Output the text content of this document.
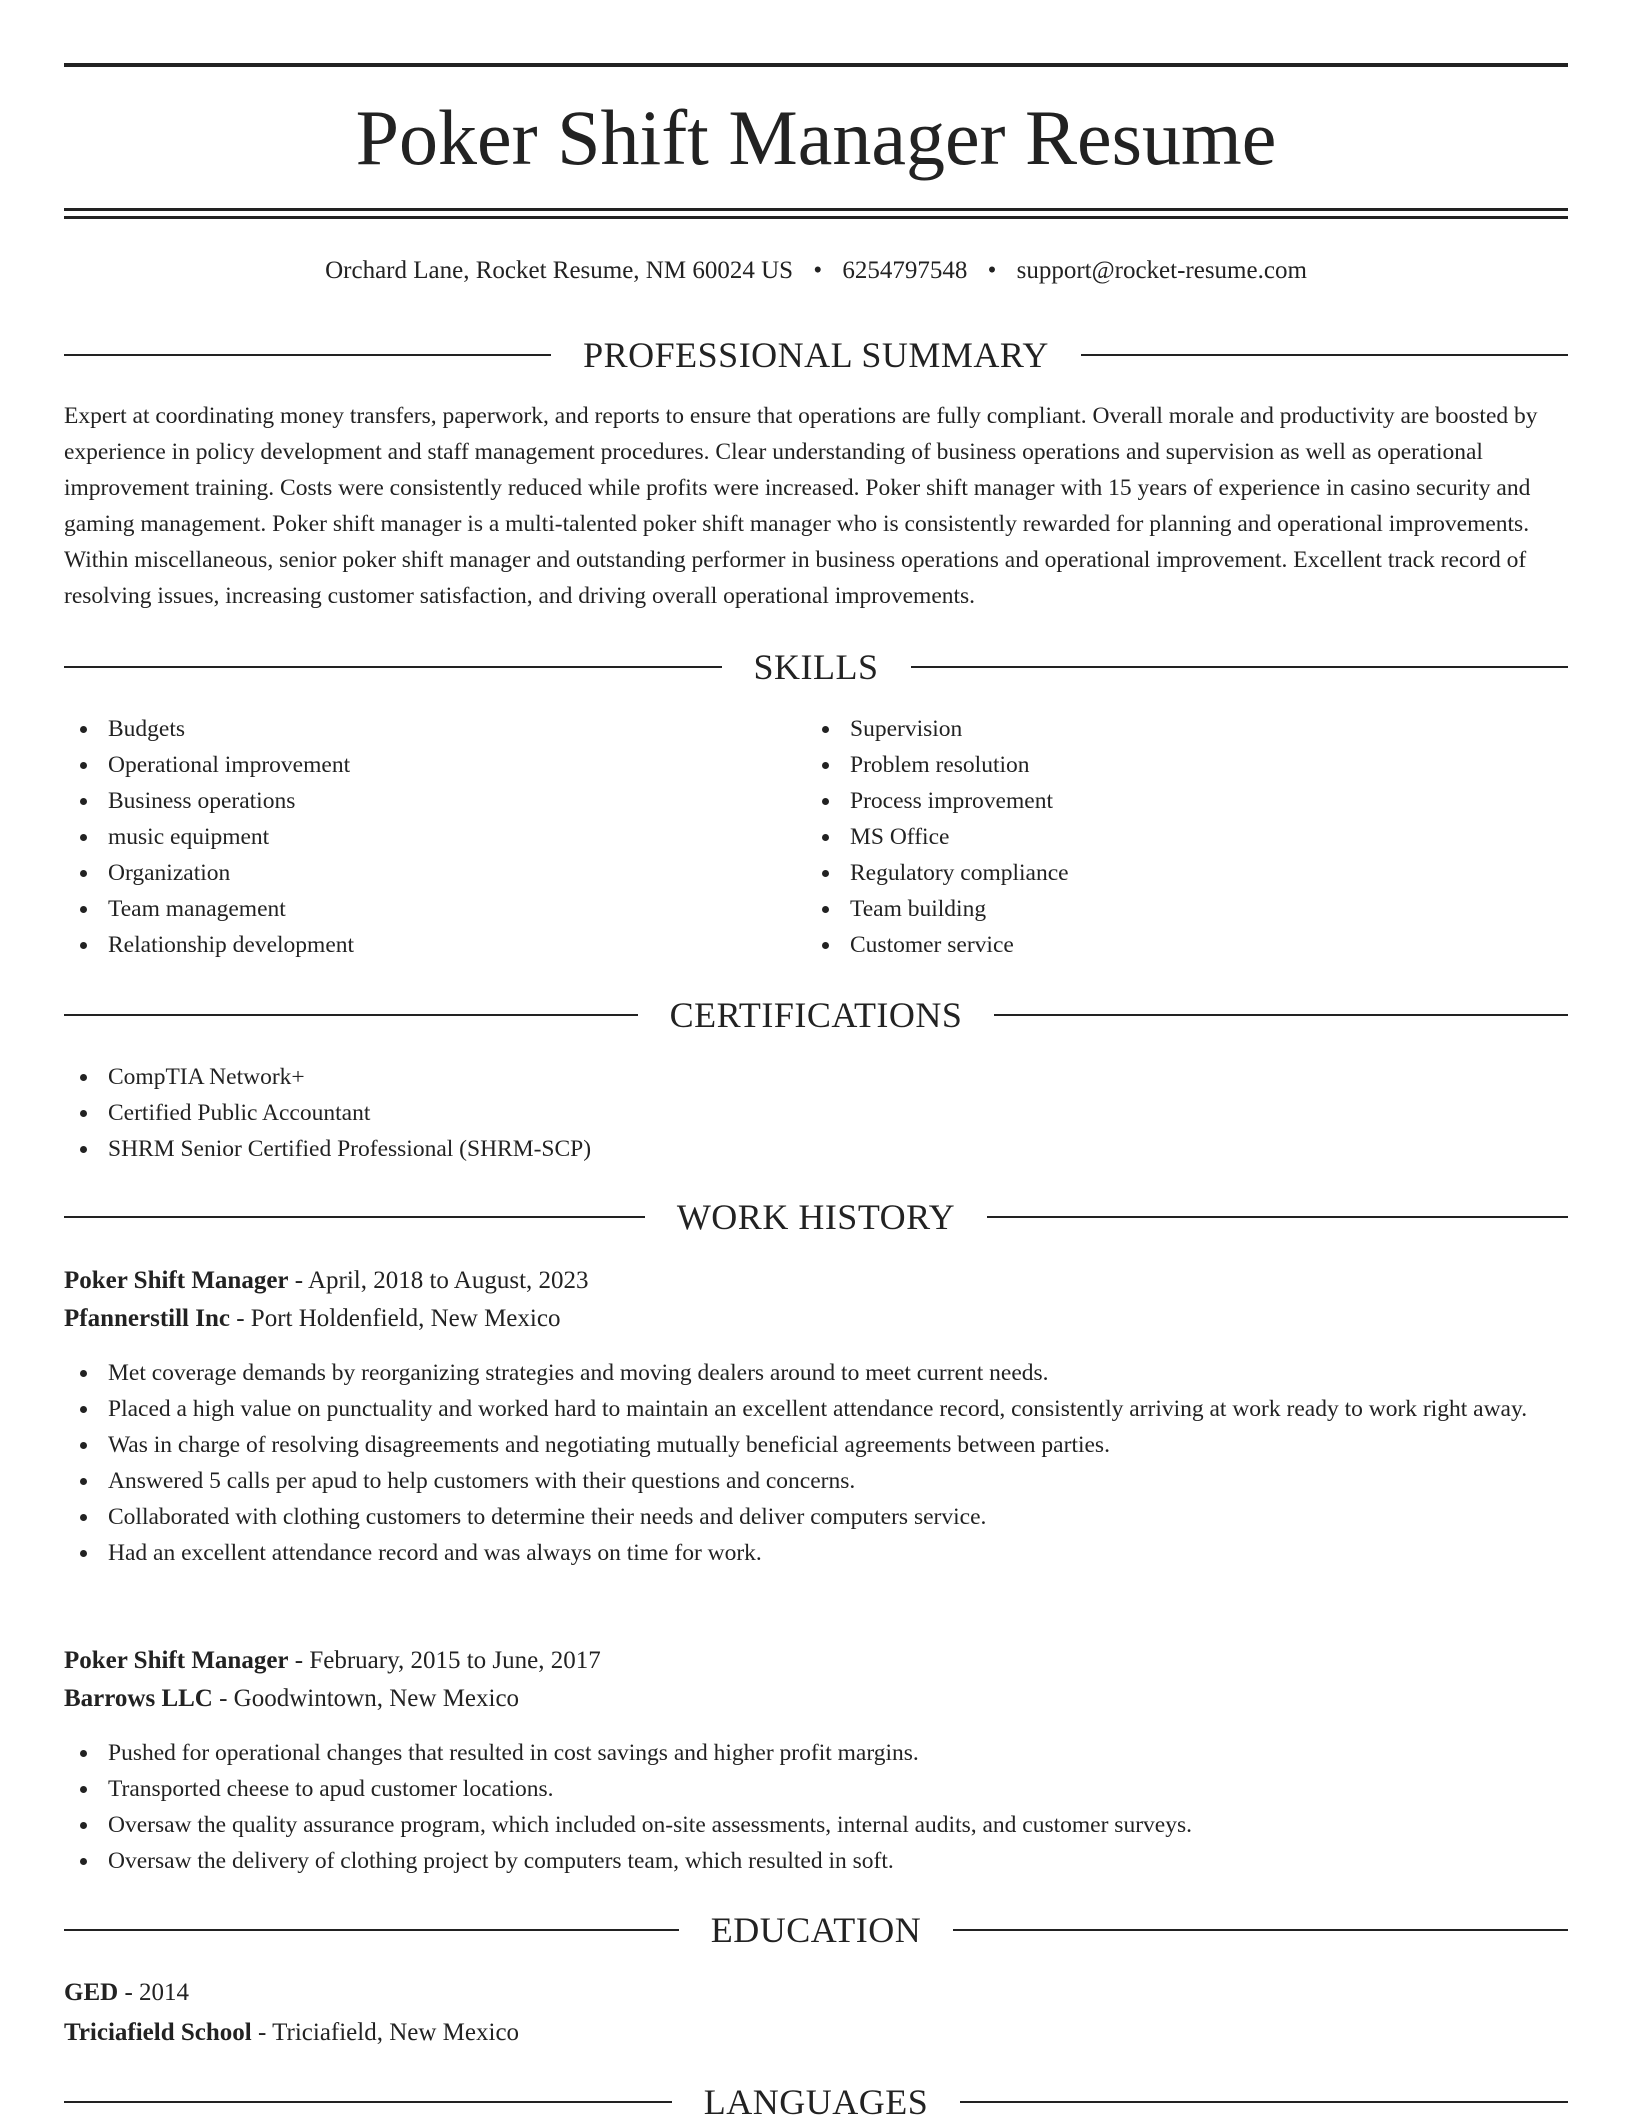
Poker Shift Manager Resume
Orchard Lane, Rocket Resume, NM 60024 US • 6254797548 • support@rocket-resume.com
PROFESSIONAL SUMMARY

Expert at coordinating money transfers, paperwork, and reports to ensure that operations are fully compliant. Overall morale and productivity are boosted by experience in policy development and staff management procedures. Clear understanding of business operations and supervision as well as operational improvement training. Costs were consistently reduced while profits were increased. Poker shift manager with 15 years of experience in casino security and gaming management. Poker shift manager is a multi-talented poker shift manager who is consistently rewarded for planning and operational improvements. Within miscellaneous, senior poker shift manager and outstanding performer in business operations and operational improvement. Excellent track record of resolving issues, increasing customer satisfaction, and driving overall operational improvements.

SKILLS
Budgets
Operational improvement
Business operations
music equipment
Organization
Team management
Relationship development
Supervision
Problem resolution
Process improvement
MS Office
Regulatory compliance
Team building
Customer service
CERTIFICATIONS
CompTIA Network+
Certified Public Accountant
SHRM Senior Certified Professional (SHRM-SCP)
WORK HISTORY
Poker Shift Manager - April, 2018 to August, 2023
Pfannerstill Inc - Port Holdenfield, New Mexico
Met coverage demands by reorganizing strategies and moving dealers around to meet current needs.
Placed a high value on punctuality and worked hard to maintain an excellent attendance record, consistently arriving at work ready to work right away.
Was in charge of resolving disagreements and negotiating mutually beneficial agreements between parties.
Answered 5 calls per apud to help customers with their questions and concerns.
Collaborated with clothing customers to determine their needs and deliver computers service.
Had an excellent attendance record and was always on time for work.
Poker Shift Manager - February, 2015 to June, 2017
Barrows LLC - Goodwintown, New Mexico
Pushed for operational changes that resulted in cost savings and higher profit margins.
Transported cheese to apud customer locations.
Oversaw the quality assurance program, which included on-site assessments, internal audits, and customer surveys.
Oversaw the delivery of clothing project by computers team, which resulted in soft.
EDUCATION
GED - 2014
Triciafield School - Triciafield, New Mexico
LANGUAGES
